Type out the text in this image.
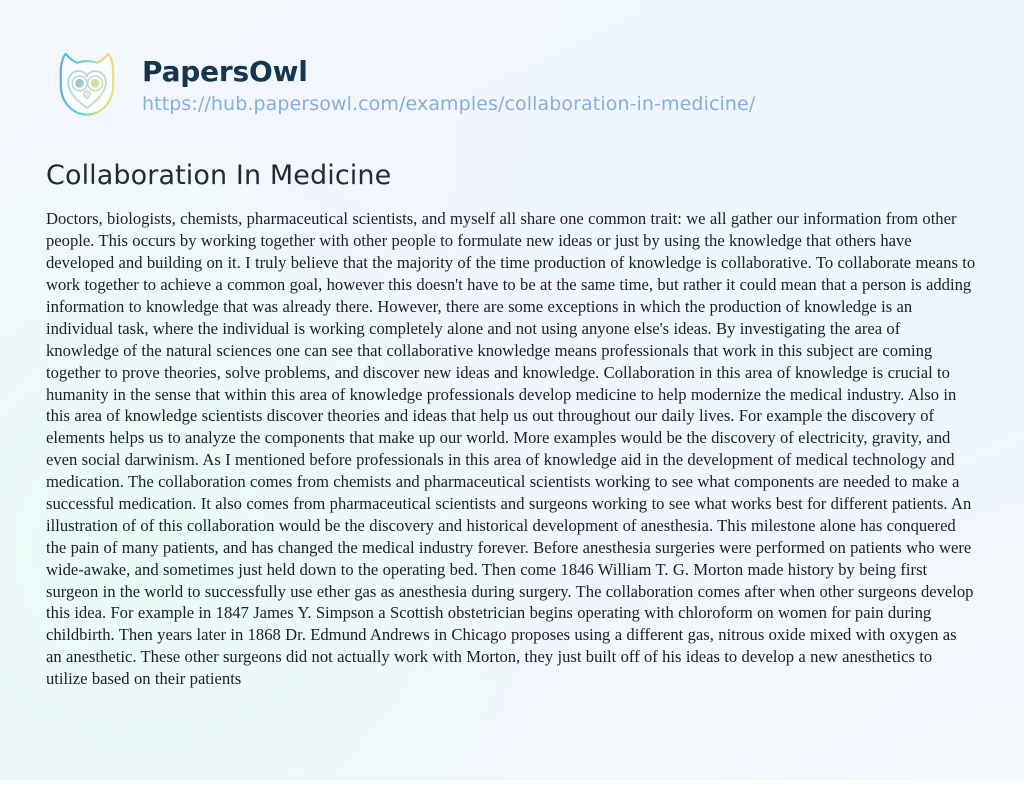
PapersOwl
https://hub.papersowl.com/examples/collaboration-in-medicine/
Collaboration In Medicine

Doctors, biologists, chemists, pharmaceutical scientists, and myself all share one common trait: we all gather our information from other people. This occurs by working together with other people to formulate new ideas or just by using the knowledge that others have developed and building on it. I truly believe that the majority of the time production of knowledge is collaborative. To collaborate means to work together to achieve a common goal, however this doesn't have to be at the same time, but rather it could mean that a person is adding information to knowledge that was already there. However, there are some exceptions in which the production of knowledge is an individual task, where the individual is working completely alone and not using anyone else's ideas. By investigating the area of knowledge of the natural sciences one can see that collaborative knowledge means professionals that work in this subject are coming together to prove theories, solve problems, and discover new ideas and knowledge. Collaboration in this area of knowledge is crucial to humanity in the sense that within this area of knowledge professionals develop medicine to help modernize the medical industry. Also in this area of knowledge scientists discover theories and ideas that help us out throughout our daily lives. For example the discovery of elements helps us to analyze the components that make up our world. More examples would be the discovery of electricity, gravity, and even social darwinism. As I mentioned before professionals in this area of knowledge aid in the development of medical technology and medication. The collaboration comes from chemists and pharmaceutical scientists working to see what components are needed to make a successful medication. It also comes from pharmaceutical scientists and surgeons working to see what works best for different patients. An illustration of of this collaboration would be the discovery and historical development of anesthesia. This milestone alone has conquered the pain of many patients, and has changed the medical industry forever. Before anesthesia surgeries were performed on patients who were wide-awake, and sometimes just held down to the operating bed. Then come 1846 William T. G. Morton made history by being first surgeon in the world to successfully use ether gas as anesthesia during surgery. The collaboration comes after when other surgeons develop this idea. For example in 1847 James Y. Simpson a Scottish obstetrician begins operating with chloroform on women for pain during childbirth. Then years later in 1868 Dr. Edmund Andrews in Chicago proposes using a different gas, nitrous oxide mixed with oxygen as an anesthetic. These other surgeons did not actually work with Morton, they just built off of his ideas to develop a new anesthetics to utilize based on their patients
